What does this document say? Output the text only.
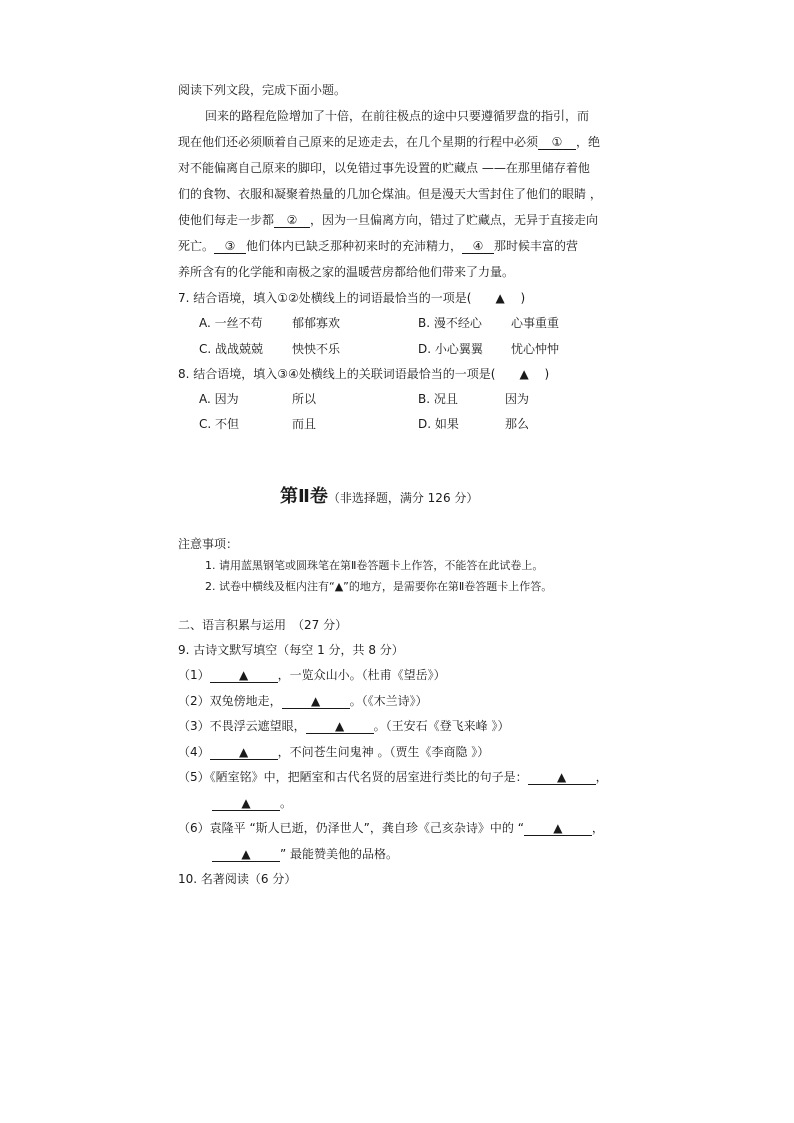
阅读下列文段，完成下面小题。
回来的路程危险增加了十倍，在前往极点的途中只要遵循罗盘的指引，而
现在他们还必须顺着自己原来的足迹走去，在几个星期的行程中必须 ① ，绝
对不能偏离自己原来的脚印，以免错过事先设置的贮藏点 ——在那里储存着他
们的食物、衣服和凝聚着热量的几加仑煤油。但是漫天大雪封住了他们的眼睛 ，
使他们每走一步都 ② ，因为一旦偏离方向，错过了贮藏点，无异于直接走向
死亡。 ③ 他们体内已缺乏那种初来时的充沛精力， ④ 那时候丰富的营
养所含有的化学能和南极之家的温暖营房都给他们带来了力量。
7. 结合语境，填入①②处横线上的词语最恰当的一项是(　　▲　 )
A. 一丝不苟 郁郁寡欢	B. 漫不经心 心事重重
C. 战战兢兢 怏怏不乐	D. 小心翼翼 忧心忡忡
8. 结合语境，填入③④处横线上的关联词语最恰当的一项是(　　▲　 )
A. 因为	所以	B. 况且	因为
C. 不但	而且	D. 如果	那么
第Ⅱ卷（非选择题，满分 126 分）
注意事项：
1. 请用蓝黑钢笔或圆珠笔在第Ⅱ卷答题卡上作答，不能答在此试卷上。
2. 试卷中横线及框内注有“▲”的地方，是需要你在第Ⅱ卷答题卡上作答。
二、语言积累与运用　（27 分）
9. 古诗文默写填空（每空 1 分，共 8 分）
（1） ▲ ，一览众山小。（杜甫《望岳》）
（2）双兔傍地走， ▲ 。（《木兰诗》）
（3）不畏浮云遮望眼， ▲ 。（王安石《登飞来峰 》）
（4） ▲ ，不问苍生问鬼神 。（贾生《李商隐 》）
（5）《陋室铭》中，把陋室和古代名贤的居室进行类比的句子是： ▲ ，
▲ 。
（6）袁隆平 “斯人已逝，仍泽世人”，龚自珍《己亥杂诗》中的 “ ▲ ，
▲ ” 最能赞美他的品格。
10. 名著阅读（6 分）
